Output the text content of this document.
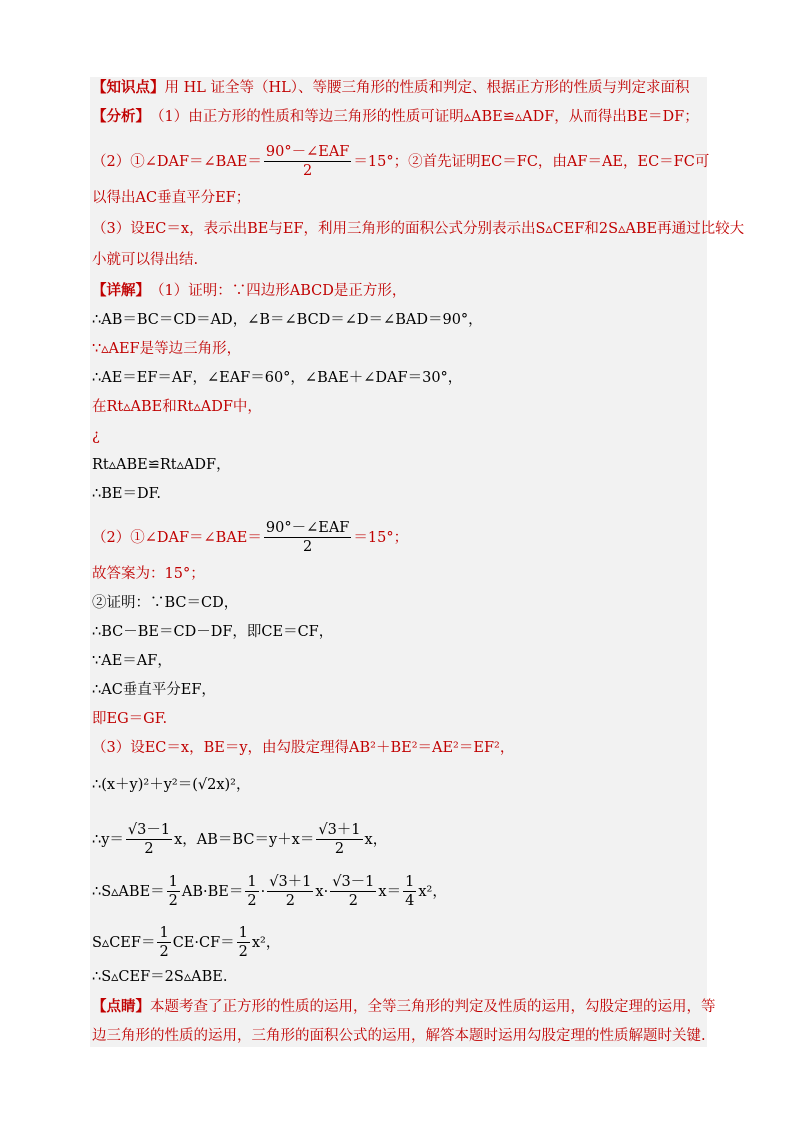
【知识点】 用 HL 证全等（HL）、等腰三角形的性质和判定、根据正方形的性质与判定求面积
【分析】 （1）由正方形的性质和等边三角形的性质可证明▵ABE≌▵ADF，从而得出BE＝DF；
（2）①∠DAF＝∠BAE＝ $\frac{\text{90°－∠EAF}}{2} =15^\circ$；②首先证明EC＝FC，由AF＝AE，EC＝FC可
以得出AC垂直平分EF；
（3）设EC＝x，表示出BE与EF，利用三角形的面积公式分别表示出S▵CEF和2S▵ABE再通过比较大
小就可以得出结.
【详解】 （1）证明：∵四边形ABCD是正方形，
∴AB＝BC＝CD＝AD，∠B＝∠BCD＝∠D＝∠BAD＝90°，
∵▵AEF是等边三角形，
∴AE＝EF＝AF，∠EAF＝60°，∠BAE＋∠DAF＝30°，
在Rt▵ABE和Rt▵ADF中，
¿
Rt▵ABE≌Rt▵ADF，
∴BE＝DF.
（2）①∠DAF＝∠BAE＝ $\frac{\text{90°－∠EAF}}{2} =15^\circ$；
故答案为：15°；
②证明：∵BC＝CD，
∴BC－BE＝CD－DF，即CE＝CF，
∵AE＝AF，
∴AC垂直平分EF，
即EG＝GF.
（3）设EC＝x，BE＝y，由勾股定理得AB²＋BE²＝AE²＝EF²，
∴(x＋y)²＋y²＝(√2x)²，
∴y＝ $\frac{√3-1}{2}$ x，$AB=BC=y+x= \frac{√3+1}{2}$ x，
∴S▵ABE＝ $\frac{1}{2} AB\cdot BE= \frac{1}{2} \cdot \frac{√3+1}{2} x\cdot \frac{√3-1}{2} x= \frac{1}{4} x^2$，
S▵CEF＝ $\frac{1}{2} CE\cdot CF= \frac{1}{2} x^2$，
∴S▵CEF＝2S▵ABE.
【点睛】 本题考查了正方形的性质的运用，全等三角形的判定及性质的运用，勾股定理的运用，等
边三角形的性质的运用，三角形的面积公式的运用，解答本题时运用勾股定理的性质解题时关键.
